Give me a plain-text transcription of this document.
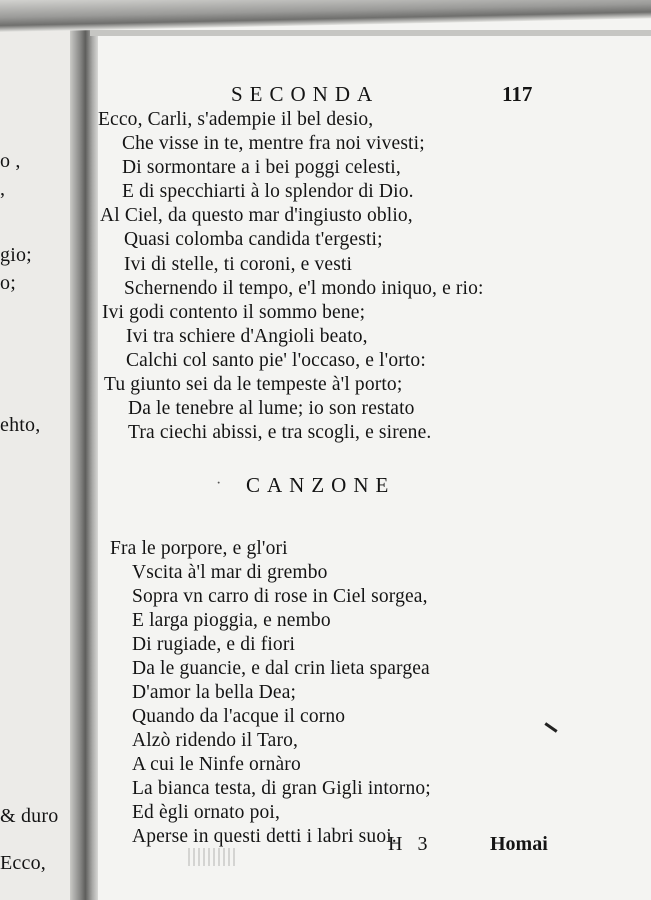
o ,
,
gio;
o;
ehto,
& duro
Ecco,
SECONDA	117
Ecco, Carli, s'adempie il bel desio,
Che visse in te, mentre fra noi vivesti;
Di sormontare a i bei poggi celesti,
E di specchiarti à lo splendor di Dio.
Al Ciel, da questo mar d'ingiusto oblio,
Quasi colomba candida t'ergesti;
Ivi di stelle, ti coroni, e vesti
Schernendo il tempo, e'l mondo iniquo, e rio:
Ivi godi contento il sommo bene;
Ivi tra schiere d'Angioli beato,
Calchi col santo pie' l'occaso, e l'orto:
Tu giunto sei da le tempeste à'l porto;
Da le tenebre al lume; io son restato
Tra ciechi abissi, e tra scogli, e sirene.
· CANZONE
Fra le porpore, e gl'ori
Vscita à'l mar di grembo
Sopra vn carro di rose in Ciel sorgea,
E larga pioggia, e nembo
Di rugiade, e di fiori
Da le guancie, e dal crin lieta spargea
D'amor la bella Dea;
Quando da l'acque il corno
Alzò ridendo il Taro,
A cui le Ninfe ornàro
La bianca testa, di gran Gigli intorno;
Ed ègli ornato poi,
Aperse in questi detti i labri suoi.
H 3	Homai
